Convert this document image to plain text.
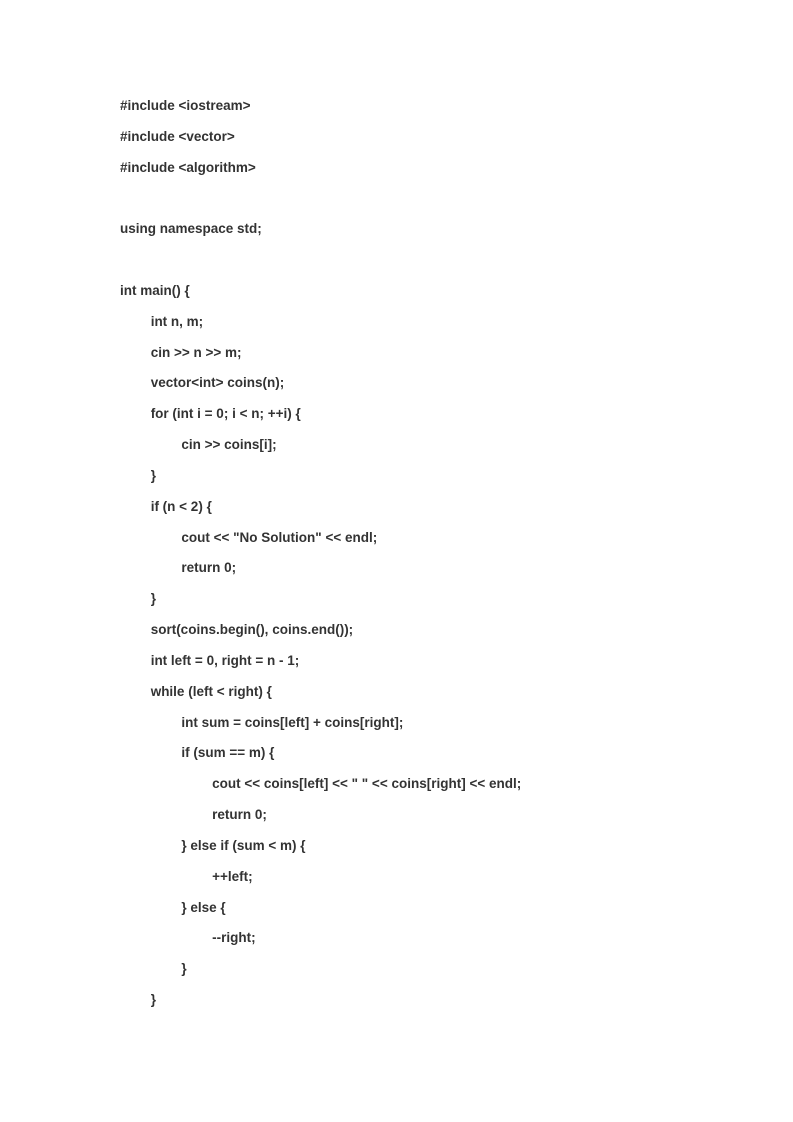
#include <iostream>
#include <vector>
#include <algorithm>
using namespace std;
int main() {
int n, m;
cin >> n >> m;
vector<int> coins(n);
for (int i = 0; i < n; ++i) {
cin >> coins[i];
}
if (n < 2) {
cout << "No Solution" << endl;
return 0;
}
sort(coins.begin(), coins.end());
int left = 0, right = n - 1;
while (left < right) {
int sum = coins[left] + coins[right];
if (sum == m) {
cout << coins[left] << " " << coins[right] << endl;
return 0;
} else if (sum < m) {
++left;
} else {
--right;
}
}
